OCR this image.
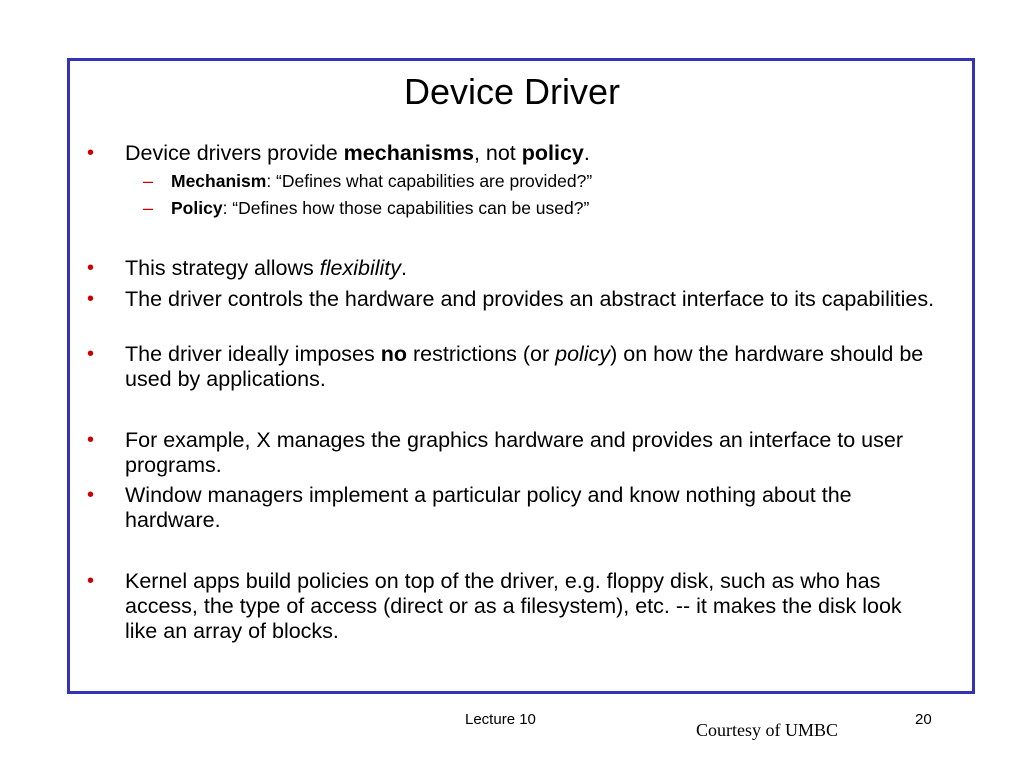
Device Driver
• Device drivers provide mechanisms, not policy.
– Mechanism: “Defines what capabilities are provided?”
– Policy: “Defines how those capabilities can be used?”
• This strategy allows flexibility.
• The driver controls the hardware and provides an abstract interface to its capabilities.
• The driver ideally imposes no restrictions (or policy) on how the hardware should be used by applications.
• For example, X manages the graphics hardware and provides an interface to user programs.
• Window managers implement a particular policy and know nothing about the hardware.
• Kernel apps build policies on top of the driver, e.g. floppy disk, such as who has access, the type of access (direct or as a filesystem), etc. -- it makes the disk look like an array of blocks.
Lecture 10
Courtesy of UMBC
20
